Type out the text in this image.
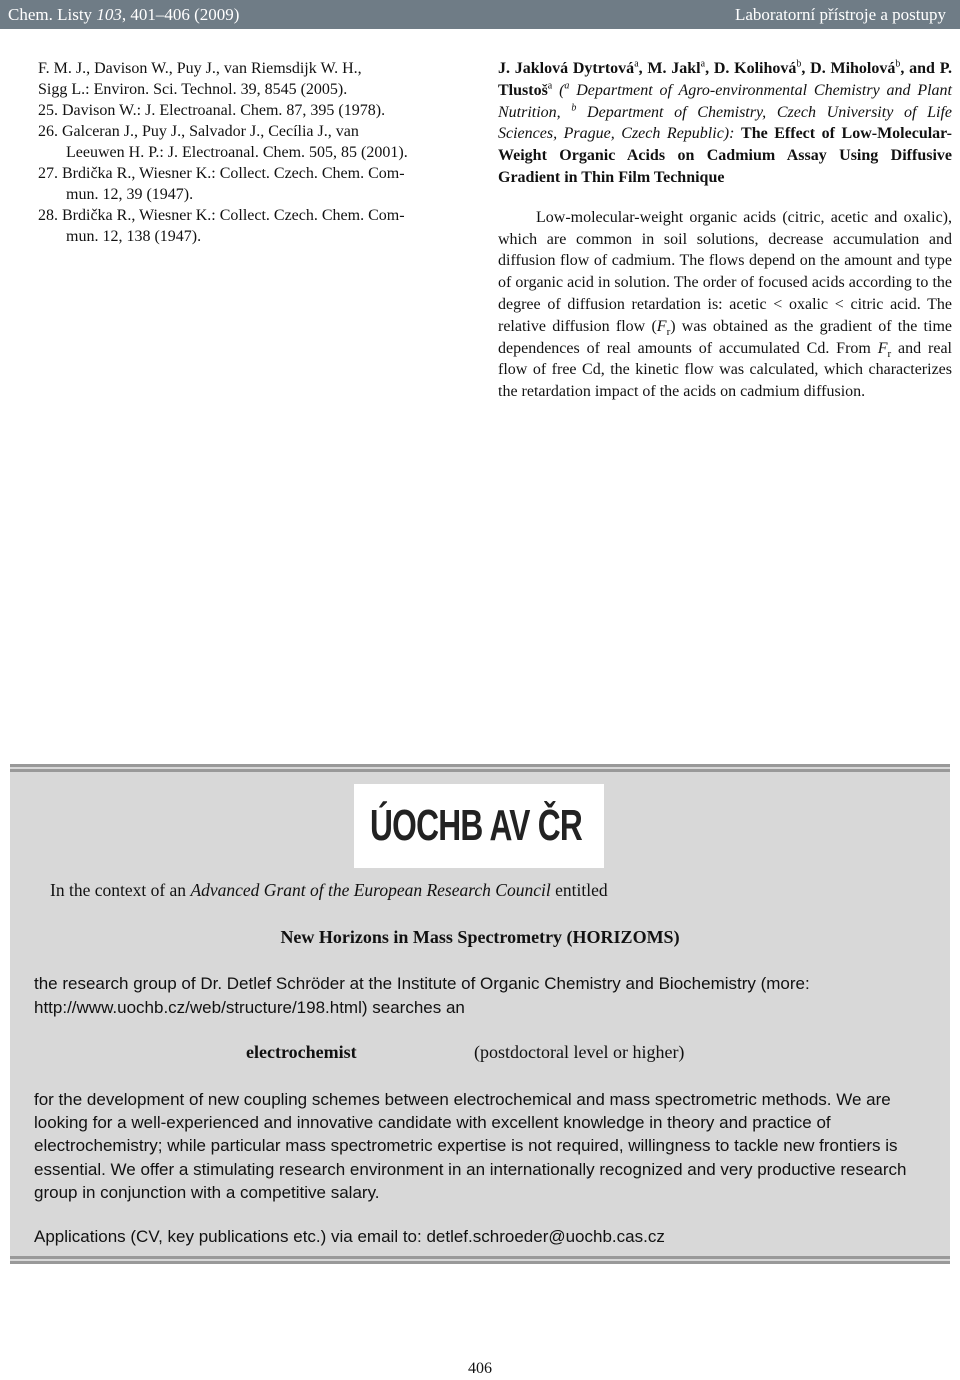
Chem. Listy 103, 401–406 (2009)	Laboratorní přístroje a postupy
F. M. J., Davison W., Puy J., van Riemsdijk W. H.,
Sigg L.: Environ. Sci. Technol. 39, 8545 (2005).
25. Davison W.: J. Electroanal. Chem. 87, 395 (1978).
26. Galceran J., Puy J., Salvador J., Cecília J., van
Leeuwen H. P.: J. Electroanal. Chem. 505, 85 (2001).
27. Brdička R., Wiesner K.: Collect. Czech. Chem. Com-
mun. 12, 39 (1947).
28. Brdička R., Wiesner K.: Collect. Czech. Chem. Com-
mun. 12, 138 (1947).
J. Jaklová Dytrtová$^a$, M. Jakl$^a$, D. Kolihová$^b$, D. Miholová$^b$, and P. Tlustoš$^a$ ($^a$ Department of Agro-environmental Chemistry and Plant Nutrition, $^b$ Department of Chemistry, Czech University of Life Sciences, Prague, Czech Republic): The Effect of Low-Molecular-Weight Organic Acids on Cadmium Assay Using Diffusive Gradient in Thin Film Technique
Low-molecular-weight organic acids (citric, acetic and oxalic), which are common in soil solutions, decrease accumulation and diffusion flow of cadmium. The flows depend on the amount and type of organic acid in solution. The order of focused acids according to the degree of diffusion retardation is: acetic < oxalic < citric acid. The relative diffusion flow $(F_r)$ was obtained as the gradient of the time dependences of real amounts of accumulated Cd. From $F_r$ and real flow of free Cd, the kinetic flow was calculated, which characterizes the retardation impact of the acids on cadmium diffusion.
ÚOCHB AV ČR
In the context of an Advanced Grant of the European Research Council entitled
New Horizons in Mass Spectrometry (HORIZOMS)
the research group of Dr. Detlef Schröder at the Institute of Organic Chemistry and Biochemistry (more: http://www.uochb.cz/web/structure/198.html) searches an
electrochemist	(postdoctoral level or higher)
for the development of new coupling schemes between electrochemical and mass spectrometric methods. We are looking for a well-experienced and innovative candidate with excellent knowledge in theory and practice of electrochemistry; while particular mass spectrometric expertise is not required, willingness to tackle new frontiers is essential. We offer a stimulating research environment in an internationally recognized and very productive research group in conjunction with a competitive salary.
Applications (CV, key publications etc.) via email to: detlef.schroeder@uochb.cas.cz
406
